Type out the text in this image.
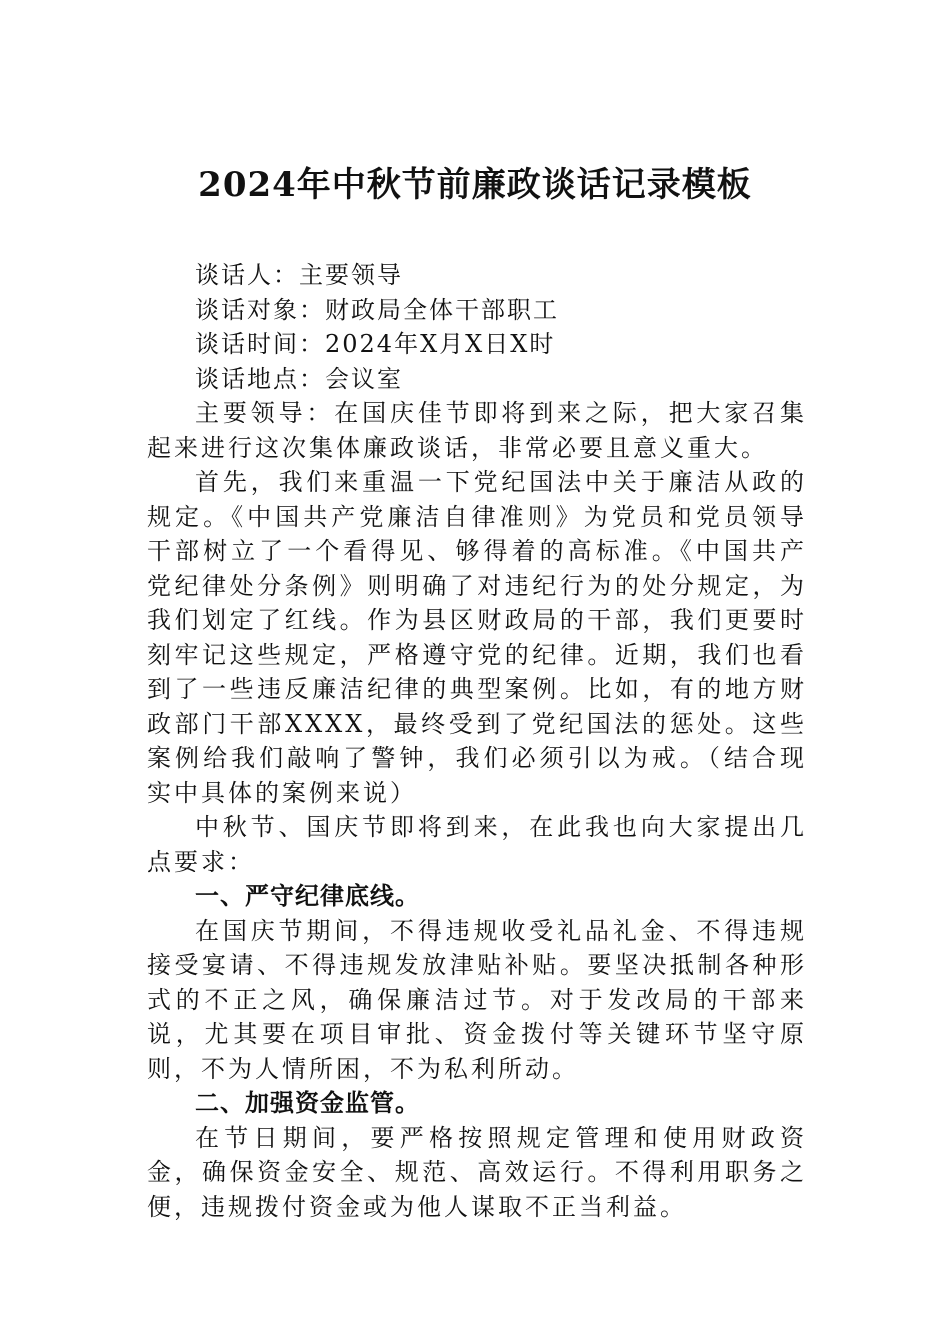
2024年中秋节前廉政谈话记录模板

谈话人：主要领导

谈话对象：财政局全体干部职工

谈话时间：2024年X月X日X时

谈话地点：会议室

主要领导：在国庆佳节即将到来之际，把大家召集起来进行这次集体廉政谈话，非常必要且意义重大。

首先，我们来重温一下党纪国法中关于廉洁从政的规定。《中国共产党廉洁自律准则》为党员和党员领导干部树立了一个看得见、够得着的高标准。《中国共产党纪律处分条例》则明确了对违纪行为的处分规定，为我们划定了红线。作为县区财政局的干部，我们更要时刻牢记这些规定，严格遵守党的纪律。近期，我们也看到了一些违反廉洁纪律的典型案例。比如，有的地方财政部门干部XXXX，最终受到了党纪国法的惩处。这些案例给我们敲响了警钟，我们必须引以为戒。（结合现实中具体的案例来说）

中秋节、国庆节即将到来，在此我也向大家提出几点要求：

一、严守纪律底线。

在国庆节期间，不得违规收受礼品礼金、不得违规接受宴请、不得违规发放津贴补贴。要坚决抵制各种形式的不正之风，确保廉洁过节。对于发改局的干部来说，尤其要在项目审批、资金拨付等关键环节坚守原则，不为人情所困，不为私利所动。

二、加强资金监管。

在节日期间，要严格按照规定管理和使用财政资金，确保资金安全、规范、高效运行。不得利用职务之便，违规拨付资金或为他人谋取不正当利益。
